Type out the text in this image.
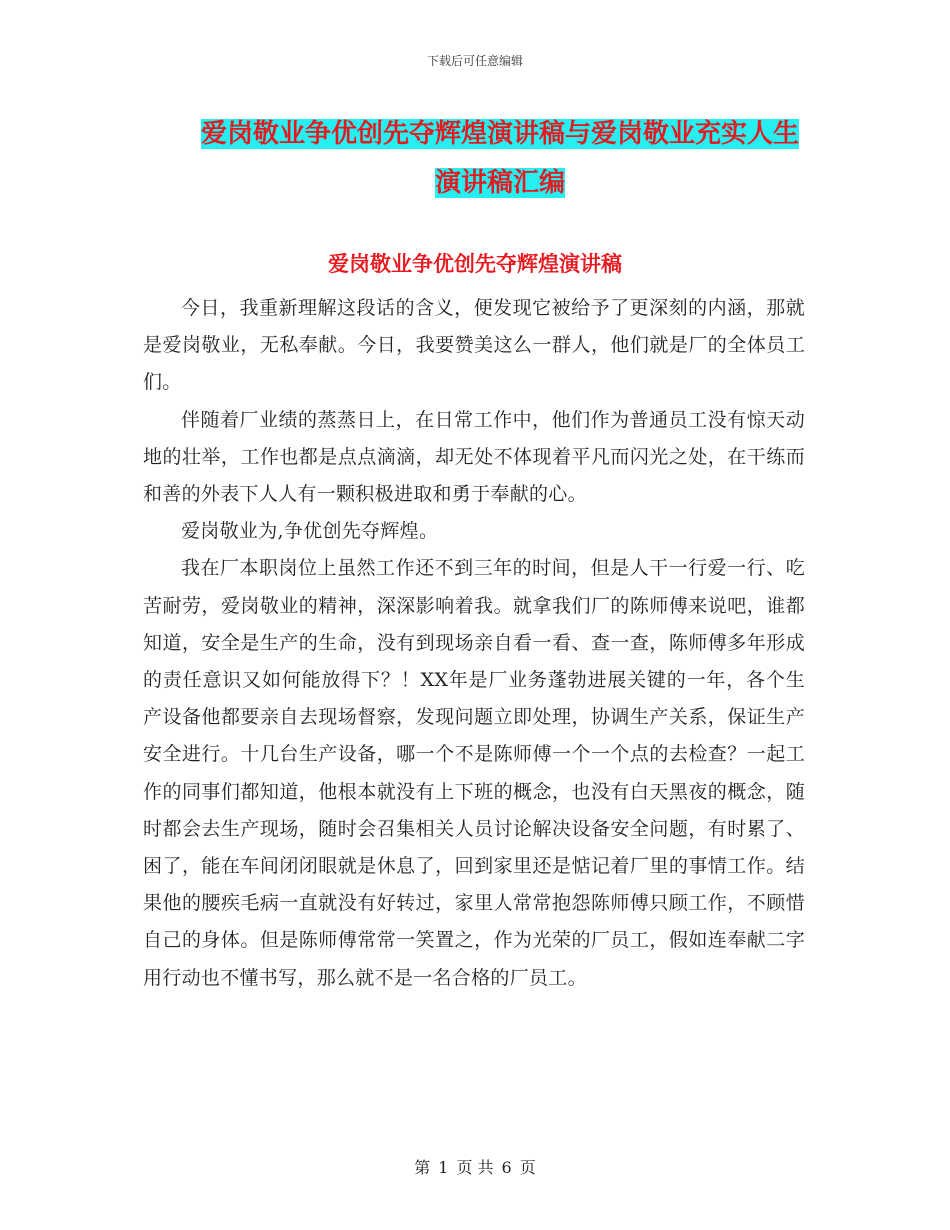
下载后可任意编辑
爱岗敬业争优创先夺辉煌演讲稿与爱岗敬业充实人生
演讲稿汇编
爱岗敬业争优创先夺辉煌演讲稿

今日，我重新理解这段话的含义，便发现它被给予了更深刻的内涵，那就是爱岗敬业，无私奉献。今日，我要赞美这么一群人，他们就是厂的全体员工们。

伴随着厂业绩的蒸蒸日上，在日常工作中，他们作为普通员工没有惊天动地的壮举，工作也都是点点滴滴，却无处不体现着平凡而闪光之处，在干练而和善的外表下人人有一颗积极进取和勇于奉献的心。

爱岗敬业为,争优创先夺辉煌。

我在厂本职岗位上虽然工作还不到三年的时间，但是人干一行爱一行、吃苦耐劳，爱岗敬业的精神，深深影响着我。就拿我们厂的陈师傅来说吧，谁都知道，安全是生产的生命，没有到现场亲自看一看、查一查，陈师傅多年形成的责任意识又如何能放得下？！XX年是厂业务蓬勃进展关键的一年，各个生产设备他都要亲自去现场督察，发现问题立即处理，协调生产关系，保证生产安全进行。十几台生产设备，哪一个不是陈师傅一个一个点的去检查？一起工作的同事们都知道，他根本就没有上下班的概念，也没有白天黑夜的概念，随时都会去生产现场，随时会召集相关人员讨论解决设备安全问题，有时累了、困了，能在车间闭闭眼就是休息了，回到家里还是惦记着厂里的事情工作。结果他的腰疾毛病一直就没有好转过，家里人常常抱怨陈师傅只顾工作，不顾惜自己的身体。但是陈师傅常常一笑置之，作为光荣的厂员工，假如连奉献二字用行动也不懂书写，那么就不是一名合格的厂员工。

第 1 页 共 6 页
